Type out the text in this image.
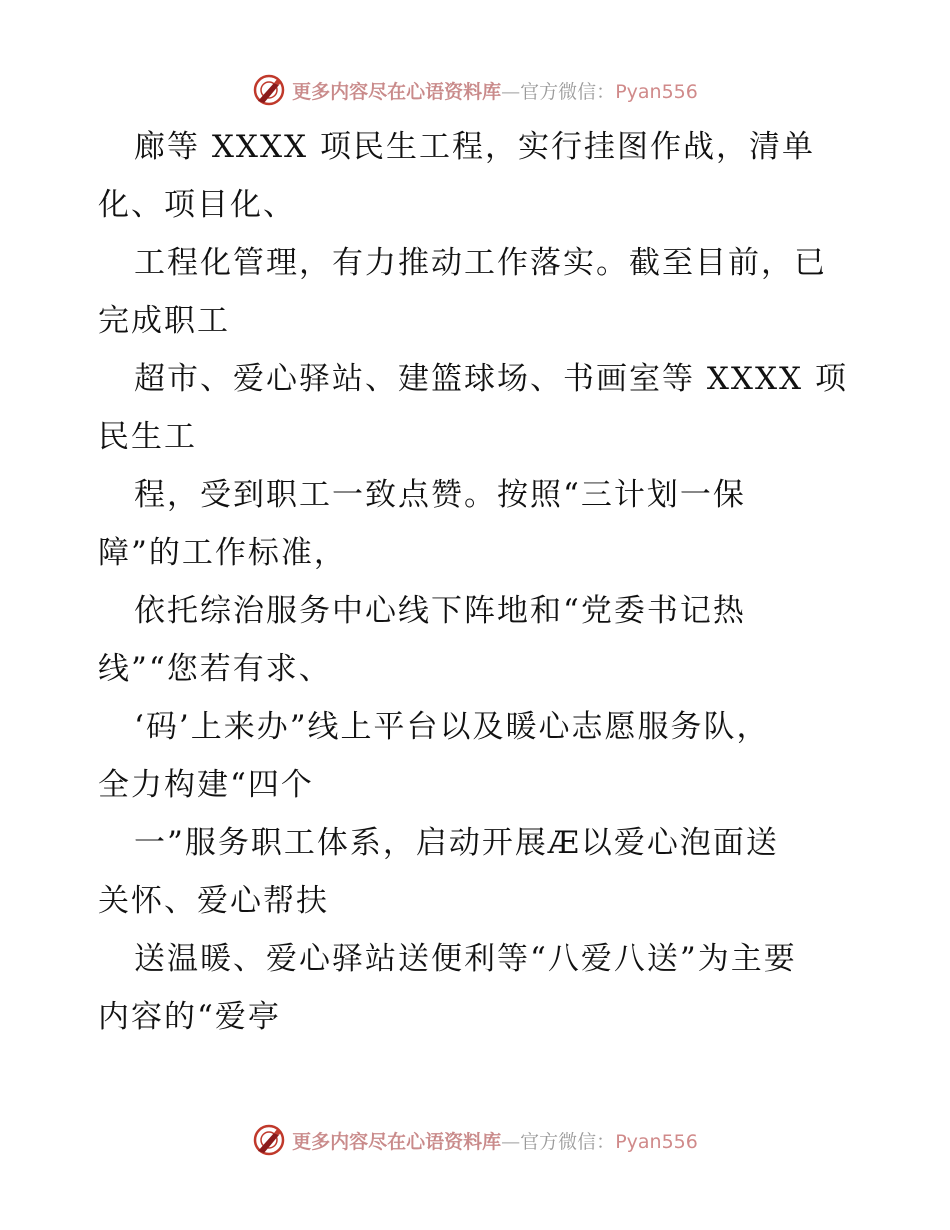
更多内容尽在心语资料库—官方微信：Pyan556
廊等 XXXX 项民生工程，实行挂图作战，清单
化、项目化、
工程化管理，有力推动工作落实。截至目前，已
完成职工
超市、爱心驿站、建篮球场、书画室等 XXXX 项
民生工
程，受到职工一致点赞。按照“三计划一保
障”的工作标准，
依托综治服务中心线下阵地和“党委书记热
线”“您若有求、
‘码’上来办”线上平台以及暖心志愿服务队，
全力构建“四个
一”服务职工体系，启动开展Æ以爱心泡面送
关怀、爱心帮扶
送温暖、爱心驿站送便利等“八爱八送”为主要
内容的“爱亭
更多内容尽在心语资料库—官方微信：Pyan556
